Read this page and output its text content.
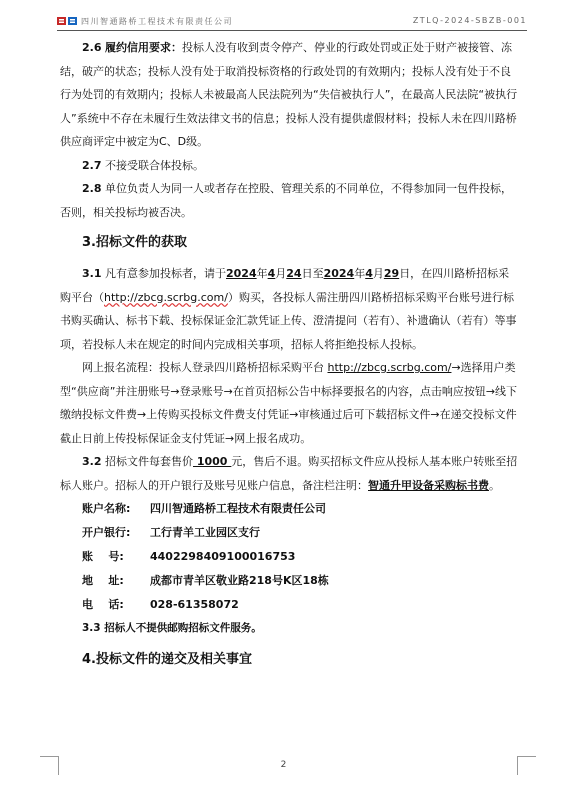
四川智通路桥工程技术有限责任公司	ZTLQ-2024-SBZB-001

2.6 履约信用要求：投标人没有收到责令停产、停业的行政处罚或正处于财产被接管、冻结，破产的状态；投标人没有处于取消投标资格的行政处罚的有效期内；投标人没有处于不良行为处罚的有效期内；投标人未被最高人民法院列为“失信被执行人”，在最高人民法院“被执行人”系统中不存在未履行生效法律文书的信息；投标人没有提供虚假材料；投标人未在四川路桥供应商评定中被定为C、D级。

2.7 不接受联合体投标。

2.8 单位负责人为同一人或者存在控股、管理关系的不同单位，不得参加同一包件投标，否则，相关投标均被否决。

3.招标文件的获取

3.1 凡有意参加投标者，请于2024年4月24日至2024年4月29日，在四川路桥招标采购平台（http://zbcg.scrbg.com/）购买，各投标人需注册四川路桥招标采购平台账号进行标书购买确认、标书下载、投标保证金汇款凭证上传、澄清提问（若有）、补遗确认（若有）等事项，若投标人未在规定的时间内完成相关事项，招标人将拒绝投标人投标。

网上报名流程：投标人登录四川路桥招标采购平台 http://zbcg.scrbg.com/→选择用户类型“供应商”并注册账号→登录账号→在首页招标公告中标择要报名的内容，点击响应按钮→线下缴纳投标文件费→上传购买投标文件费支付凭证→审核通过后可下载招标文件→在递交投标文件截止日前上传投标保证金支付凭证→网上报名成功。

3.2 招标文件每套售价 1000 元，售后不退。购买招标文件应从投标人基本账户转账至招标人账户。招标人的开户银行及账号见账户信息，备注栏注明：智通升甲设备采购标书费。

账户名称: 四川智通路桥工程技术有限责任公司

开户银行: 工行青羊工业园区支行

账    号: 4402298409100016753

地    址: 成都市青羊区敬业路218号K区18栋

电    话: 028-61358072

3.3 招标人不提供邮购招标文件服务。

4.投标文件的递交及相关事宜

2
